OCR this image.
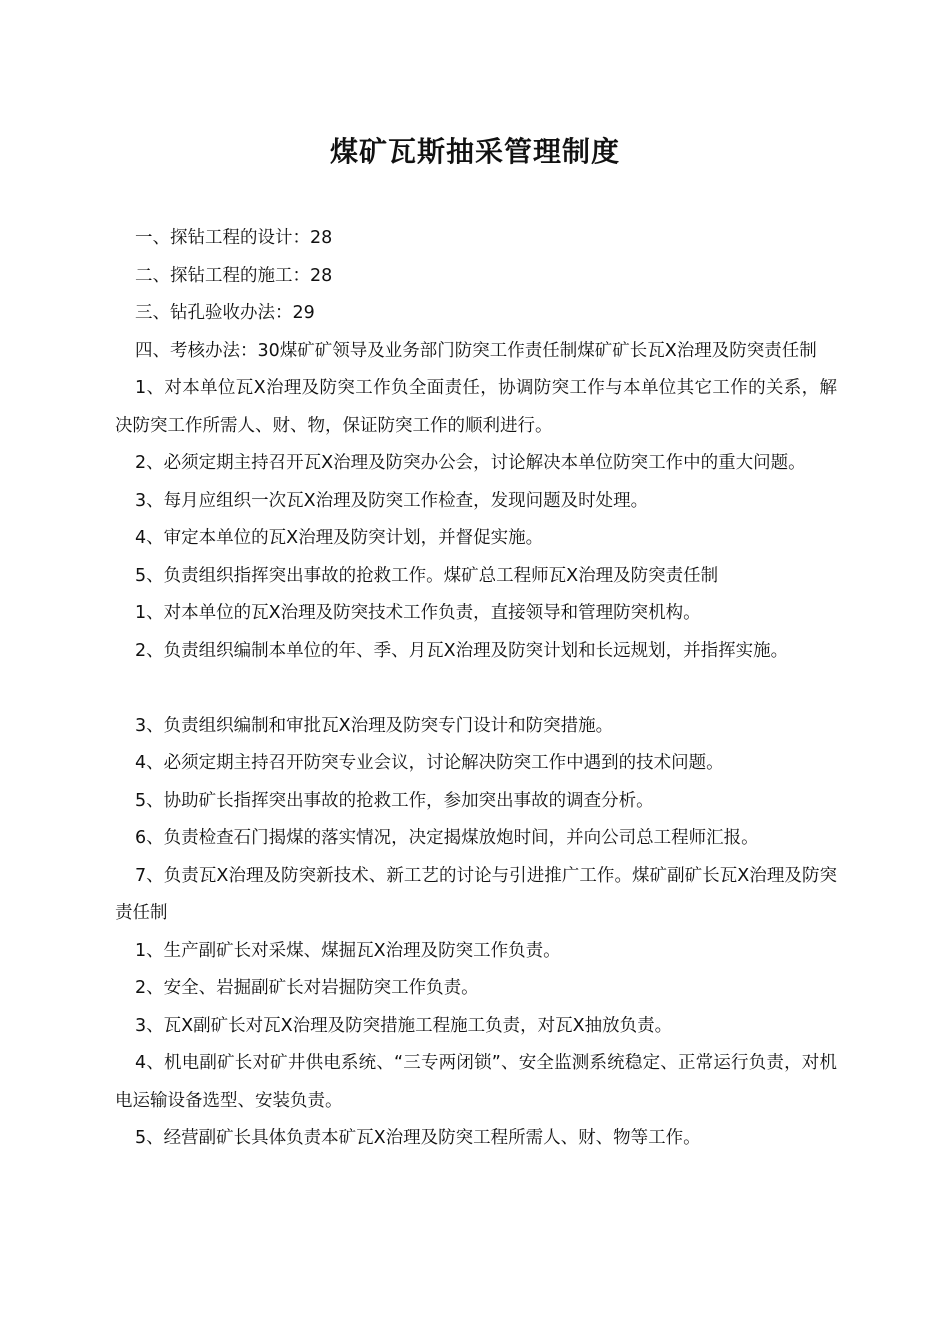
煤矿瓦斯抽采管理制度

一、探钻工程的设计：28

二、探钻工程的施工：28

三、钻孔验收办法：29

四、考核办法：30煤矿矿领导及业务部门防突工作责任制煤矿矿长瓦X治理及防突责任制

1、对本单位瓦X治理及防突工作负全面责任，协调防突工作与本单位其它工作的关系，解决防突工作所需人、财、物，保证防突工作的顺利进行。

2、必须定期主持召开瓦X治理及防突办公会，讨论解决本单位防突工作中的重大问题。

3、每月应组织一次瓦X治理及防突工作检查，发现问题及时处理。

4、审定本单位的瓦X治理及防突计划，并督促实施。

5、负责组织指挥突出事故的抢救工作。煤矿总工程师瓦X治理及防突责任制

1、对本单位的瓦X治理及防突技术工作负责，直接领导和管理防突机构。

2、负责组织编制本单位的年、季、月瓦X治理及防突计划和长远规划，并指挥实施。

3、负责组织编制和审批瓦X治理及防突专门设计和防突措施。

4、必须定期主持召开防突专业会议，讨论解决防突工作中遇到的技术问题。

5、协助矿长指挥突出事故的抢救工作，参加突出事故的调查分析。

6、负责检查石门揭煤的落实情况，决定揭煤放炮时间，并向公司总工程师汇报。

7、负责瓦X治理及防突新技术、新工艺的讨论与引进推广工作。煤矿副矿长瓦X治理及防突责任制

1、生产副矿长对采煤、煤掘瓦X治理及防突工作负责。

2、安全、岩掘副矿长对岩掘防突工作负责。

3、瓦X副矿长对瓦X治理及防突措施工程施工负责，对瓦X抽放负责。

4、机电副矿长对矿井供电系统、“三专两闭锁”、安全监测系统稳定、正常运行负责，对机电运输设备选型、安装负责。

5、经营副矿长具体负责本矿瓦X治理及防突工程所需人、财、物等工作。
